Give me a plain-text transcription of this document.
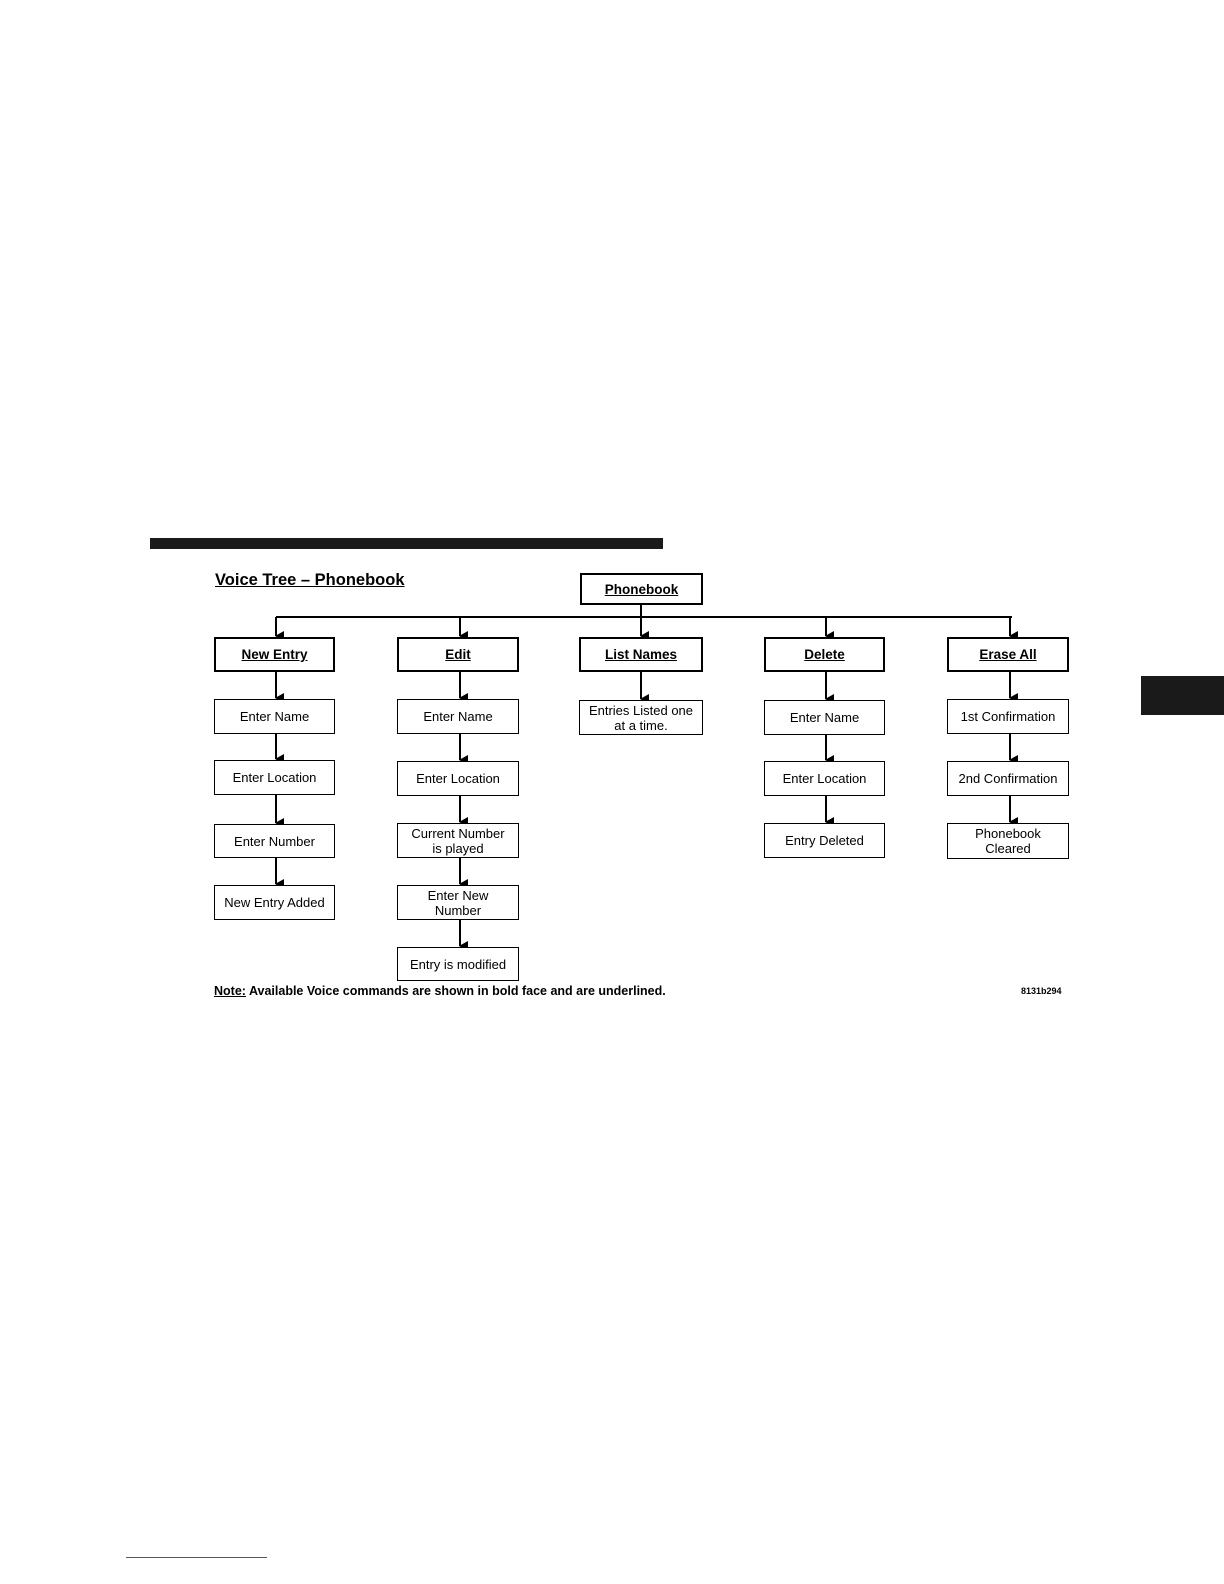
Voice Tree – Phonebook	Phonebook
New Entry	Edit	List Names	Delete	Erase All
Enter Name
Enter Location
Enter Number
New Entry Added
Enter Name
Enter Location
Current Number
is played
Enter New
Number
Entry is modified
Entries Listed one
at a time.	Enter Name
Enter Location
Entry Deleted
1st Confirmation
2nd Confirmation
Phonebook
Cleared
Note: Available Voice commands are shown in bold face and are underlined.	8131b294
